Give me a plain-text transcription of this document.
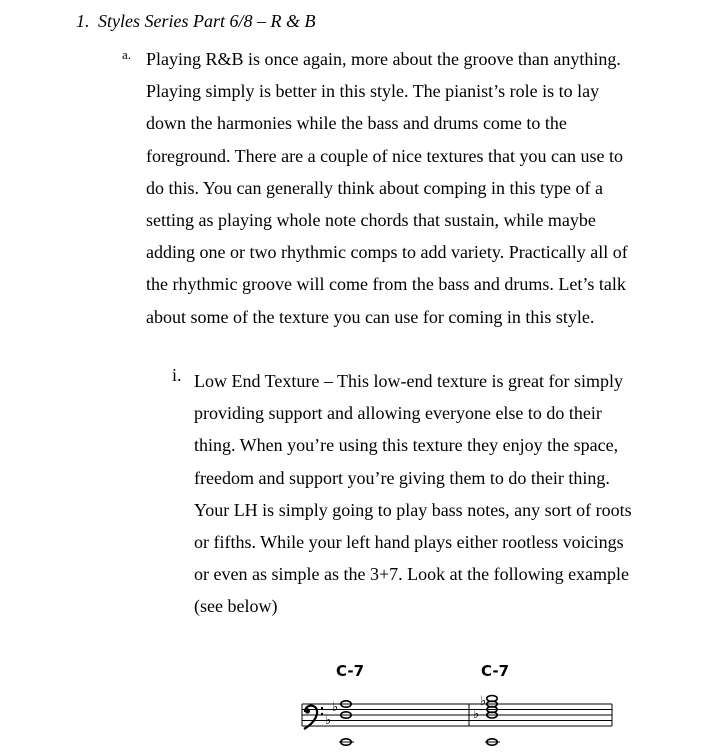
1. Styles Series Part 6/8 – R & B
a. Playing R&B is once again, more about the groove than anything. Playing simply is better in this style. The pianist’s role is to lay down the harmonies while the bass and drums come to the foreground. There are a couple of nice textures that you can use to do this. You can generally think about comping in this type of a setting as playing whole note chords that sustain, while maybe adding one or two rhythmic comps to add variety. Practically all of the rhythmic groove will come from the bass and drums. Let’s talk about some of the texture you can use for coming in this style.

i. Low End Texture – This low-end texture is great for simply providing support and allowing everyone else to do their thing. When you’re using this texture they enjoy the space, freedom and support you’re giving them to do their thing. Your LH is simply going to play bass notes, any sort of roots or fifths. While your left hand plays either rootless voicings or even as simple as the 3+7. Look at the following example (see below)

C-7	C-7
♭
♭
♭
♭
